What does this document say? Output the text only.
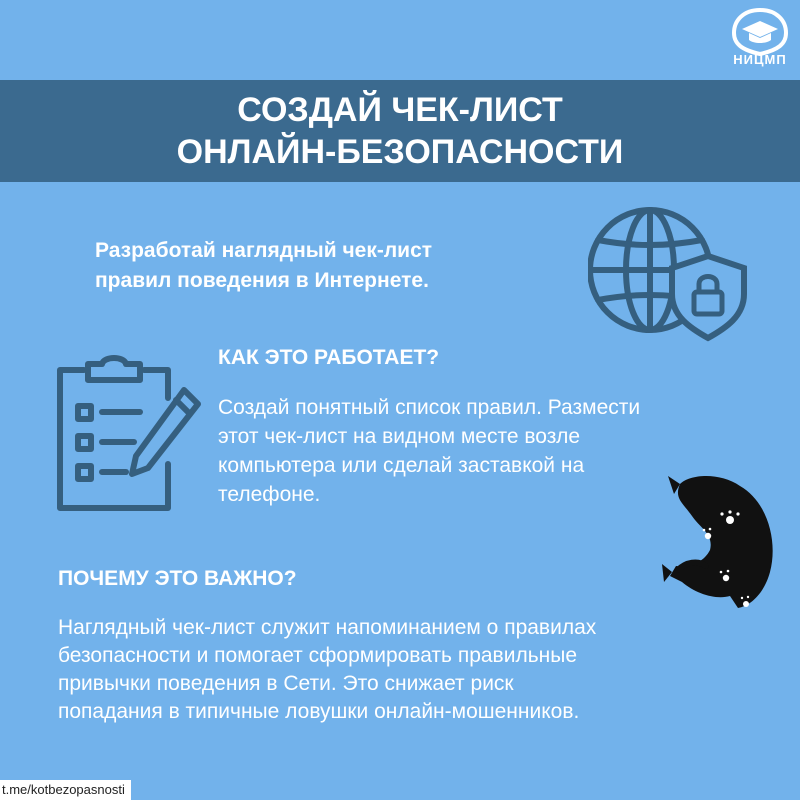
НИЦМП
СОЗДАЙ ЧЕК-ЛИСТ
ОНЛАЙН-БЕЗОПАСНОСТИ
Разработай наглядный чек-лист
правил поведения в Интернете.
КАК ЭТО РАБОТАЕТ?
Создай понятный список правил. Размести
этот чек-лист на видном месте возле
компьютера или сделай заставкой на
телефоне.
ПОЧЕМУ ЭТО ВАЖНО?
Наглядный чек-лист служит напоминанием о правилах
безопасности и помогает сформировать правильные
привычки поведения в Сети. Это снижает риск
попадания в типичные ловушки онлайн-мошенников.
t.me/kotbezopasnosti
